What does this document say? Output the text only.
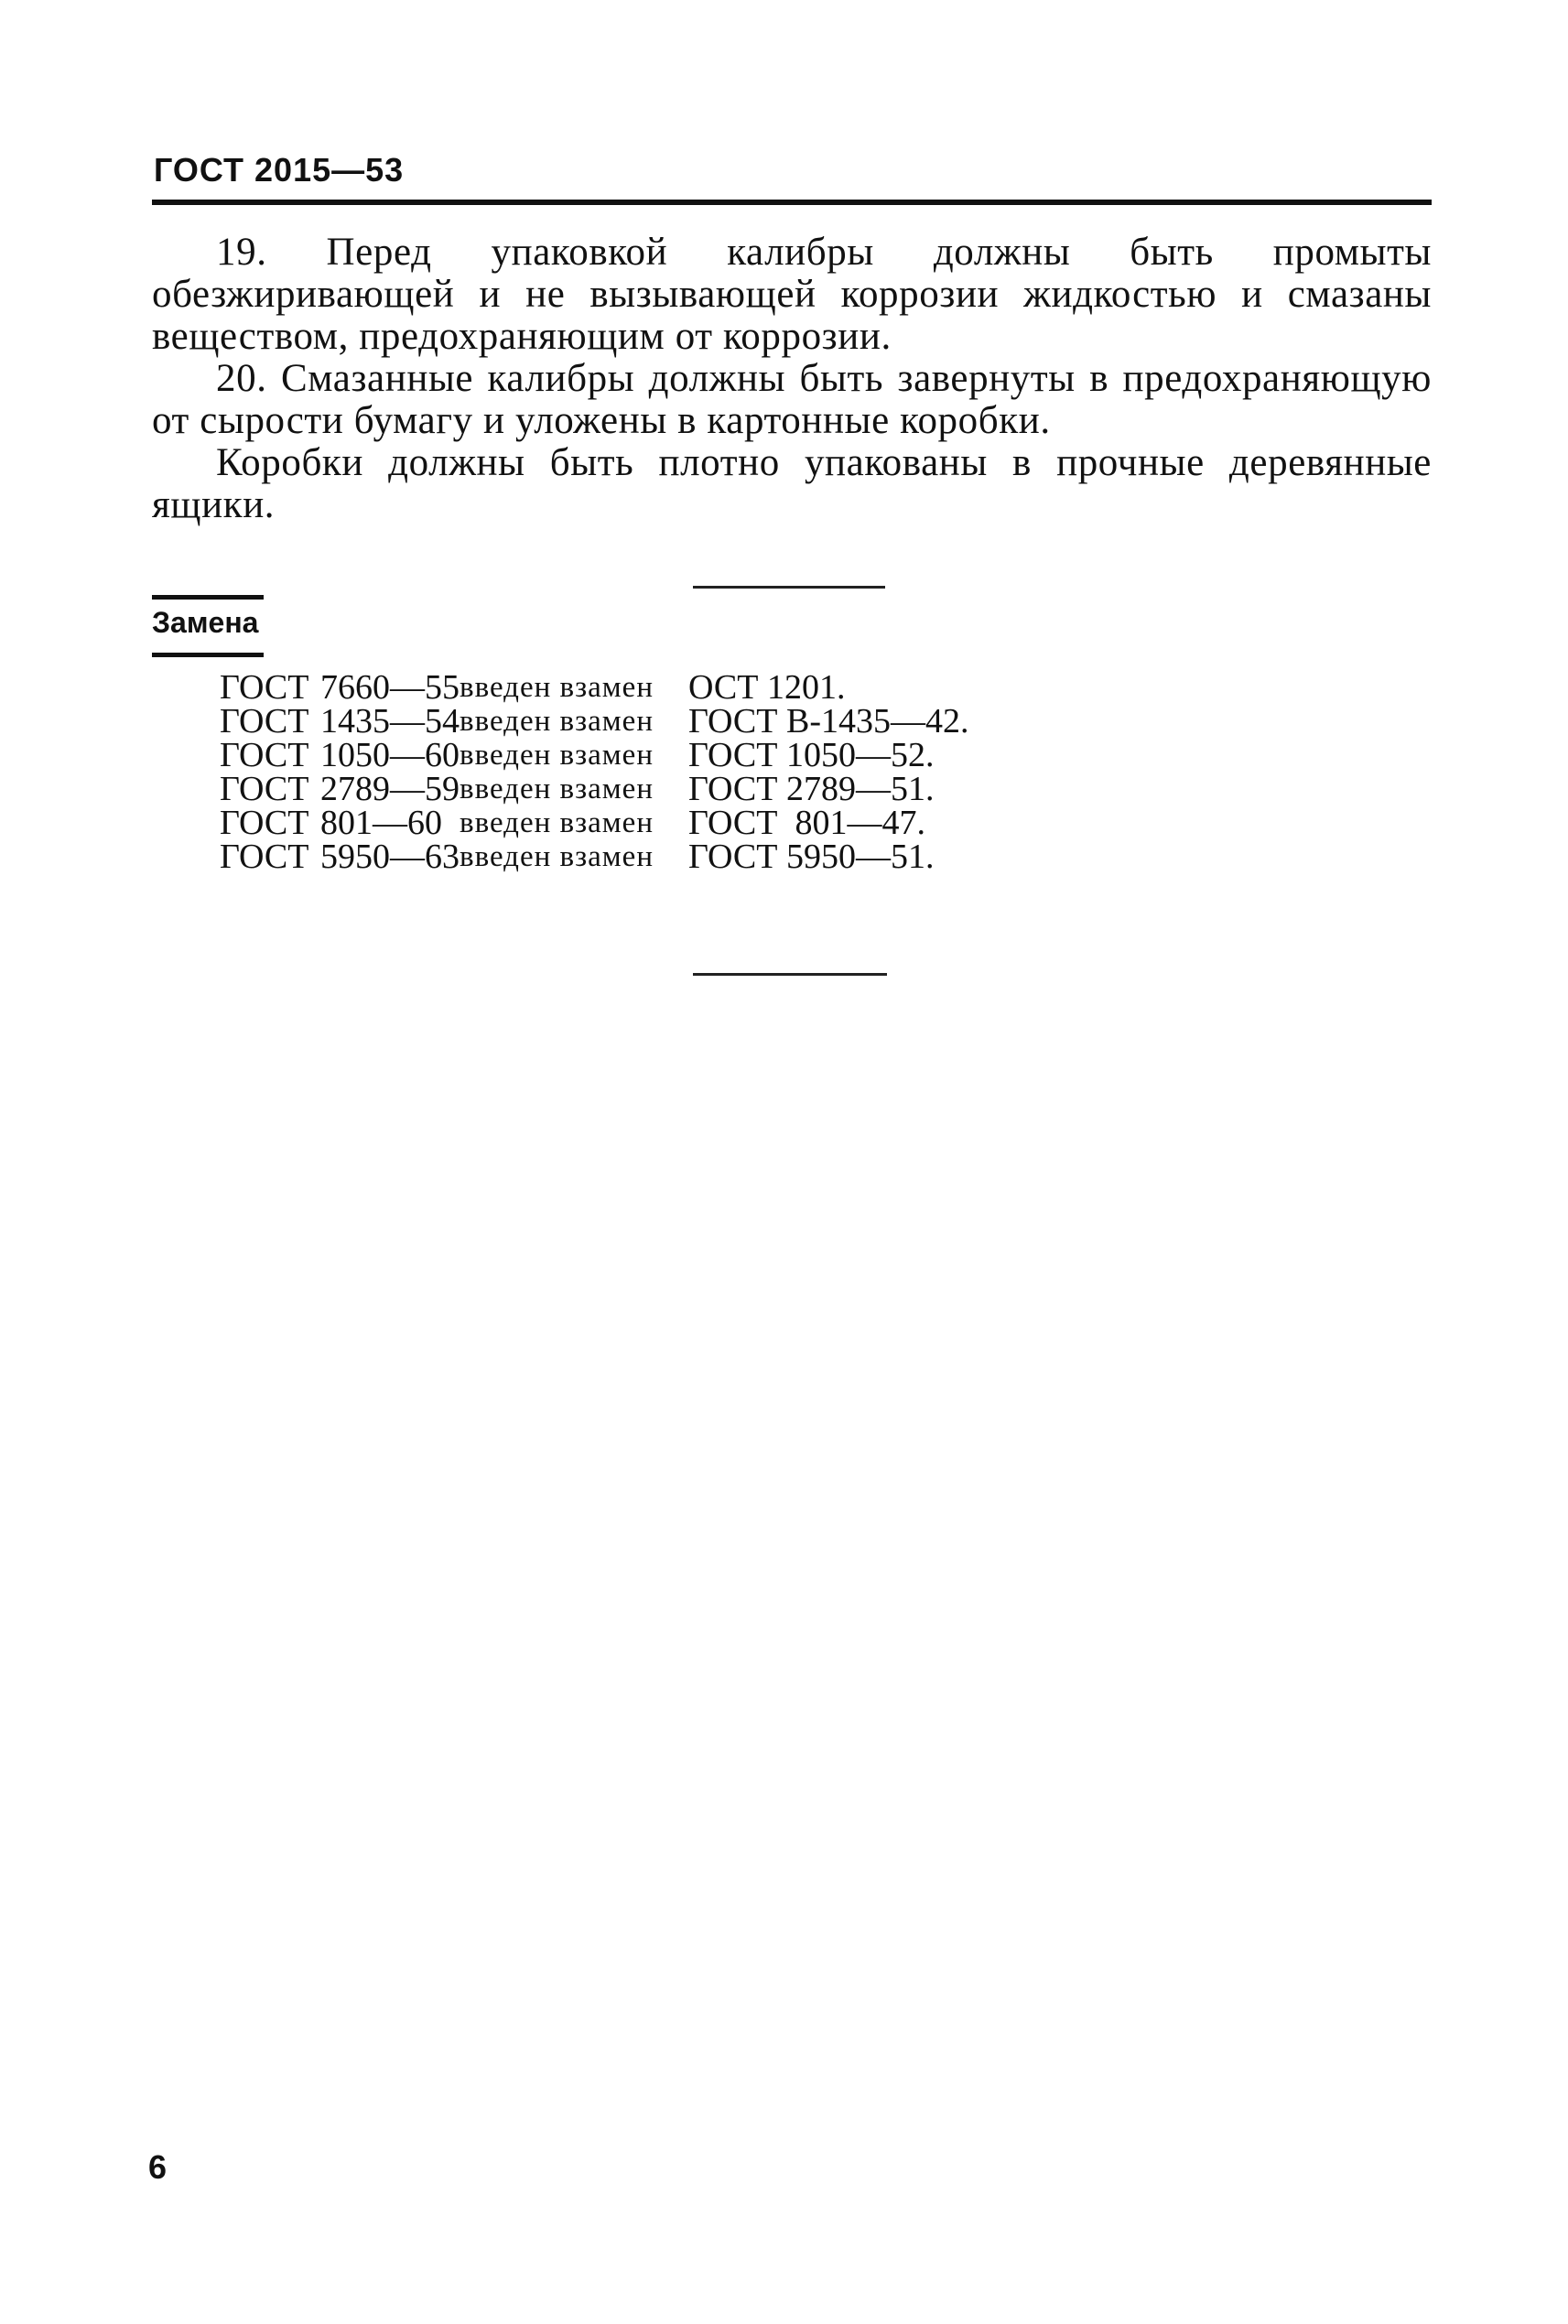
ГОСТ 2015—53

19. Перед упаковкой калибры должны быть промыты обезжиривающей и не вызывающей коррозии жидкостью и смазаны веществом, предохраняющим от коррозии.

20. Смазанные калибры должны быть завернуты в предохраняющую от сырости бумагу и уложены в картонные коробки.

Коробки должны быть плотно упакованы в прочные деревянные ящики.

Замена
ГОСТ 7660—55 введен взамен	ОСТ 1201.
ГОСТ 1435—54 введен взамен	ГОСТ В-1435—42.
ГОСТ 1050—60 введен взамен	ГОСТ 1050—52.
ГОСТ 2789—59 введен взамен	ГОСТ 2789—51.
ГОСТ 801—60 введен взамен	ГОСТ  801—47.
ГОСТ 5950—63 введен взамен	ГОСТ 5950—51.
6
